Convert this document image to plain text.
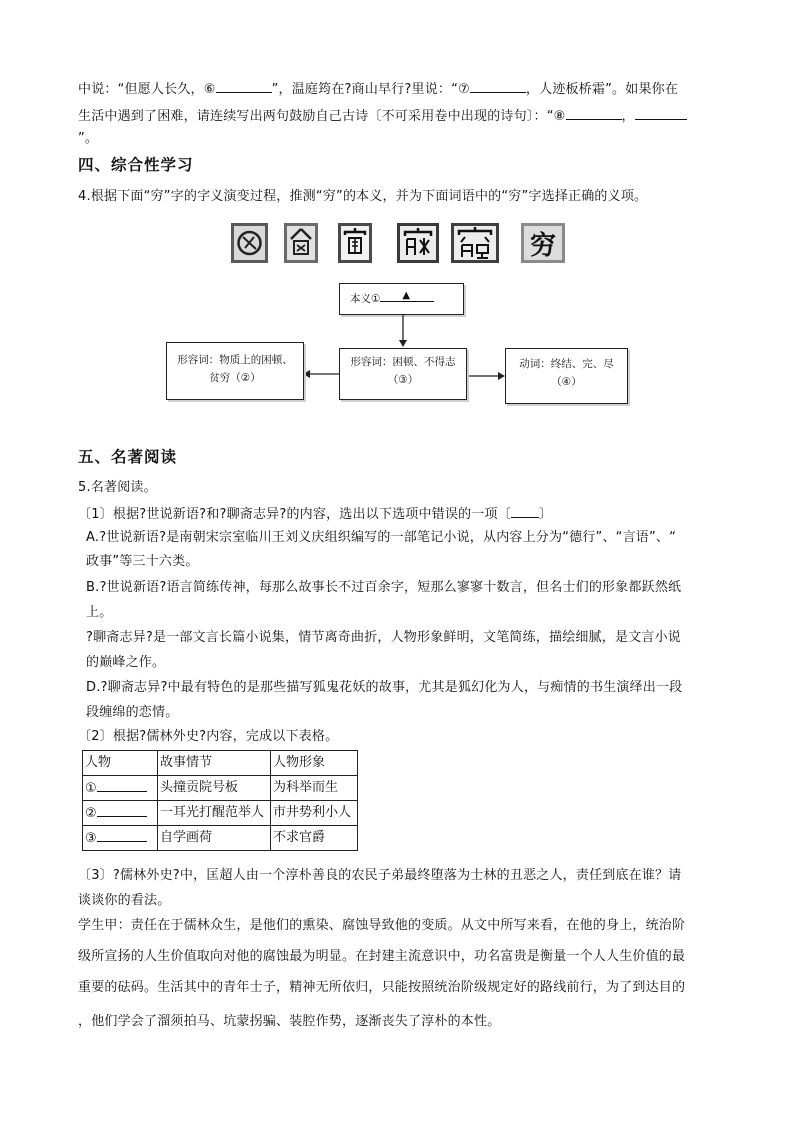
中说：“但愿人长久，⑥	”，温庭筠在?商山早行?里说：“⑦	，人迹板桥霜”。如果你在
生活中遇到了困难，请连续写出两句鼓励自己古诗〔不可采用卷中出现的诗句〕：“⑧	，
”。
四、综合性学习
4.根据下面“穷”字的字义演变过程，推测“穷”的本义，并为下面词语中的“穷”字选择正确的义项。
穷
本义① ▲
形容词：物质上的困顿、
贫穷（②）
形容词：困顿、不得志
（③）
动词：终结、完、尽
（④）
五、名著阅读
5.名著阅读。
〔1〕根据?世说新语?和?聊斋志异?的内容，选出以下选项中错误的一项〔 〕
A.?世说新语?是南朝宋宗室临川王刘义庆组织编写的一部笔记小说，从内容上分为“德行”、“言语”、“
政事”等三十六类。
B.?世说新语?语言简练传神，每那么故事长不过百余字，短那么寥寥十数言，但名士们的形象都跃然纸
上。
?聊斋志异?是一部文言长篇小说集，情节离奇曲折，人物形象鲜明，文笔简练，描绘细腻，是文言小说
的巅峰之作。
D.?聊斋志异?中最有特色的是那些描写狐鬼花妖的故事，尤其是狐幻化为人，与痴情的书生演绎出一段
段缠绵的恋情。
〔2〕根据?儒林外史?内容，完成以下表格。
人物	故事情节	人物形象
①	头撞贡院号板	为科举而生
②	一耳光打醒范举人	市井势利小人
③	自学画荷	不求官爵
〔3〕?儒林外史?中，匡超人由一个淳朴善良的农民子弟最终堕落为士林的丑恶之人，责任到底在谁？请
谈谈你的看法。
学生甲：责任在于儒林众生，是他们的熏染、腐蚀导致他的变质。从文中所写来看，在他的身上，统治阶
级所宣扬的人生价值取向对他的腐蚀最为明显。在封建主流意识中，功名富贵是衡量一个人人生价值的最
重要的砝码。生活其中的青年士子，精神无所依归，只能按照统治阶级规定好的路线前行，为了到达目的
，他们学会了溜须拍马、坑蒙拐骗、装腔作势，逐渐丧失了淳朴的本性。
